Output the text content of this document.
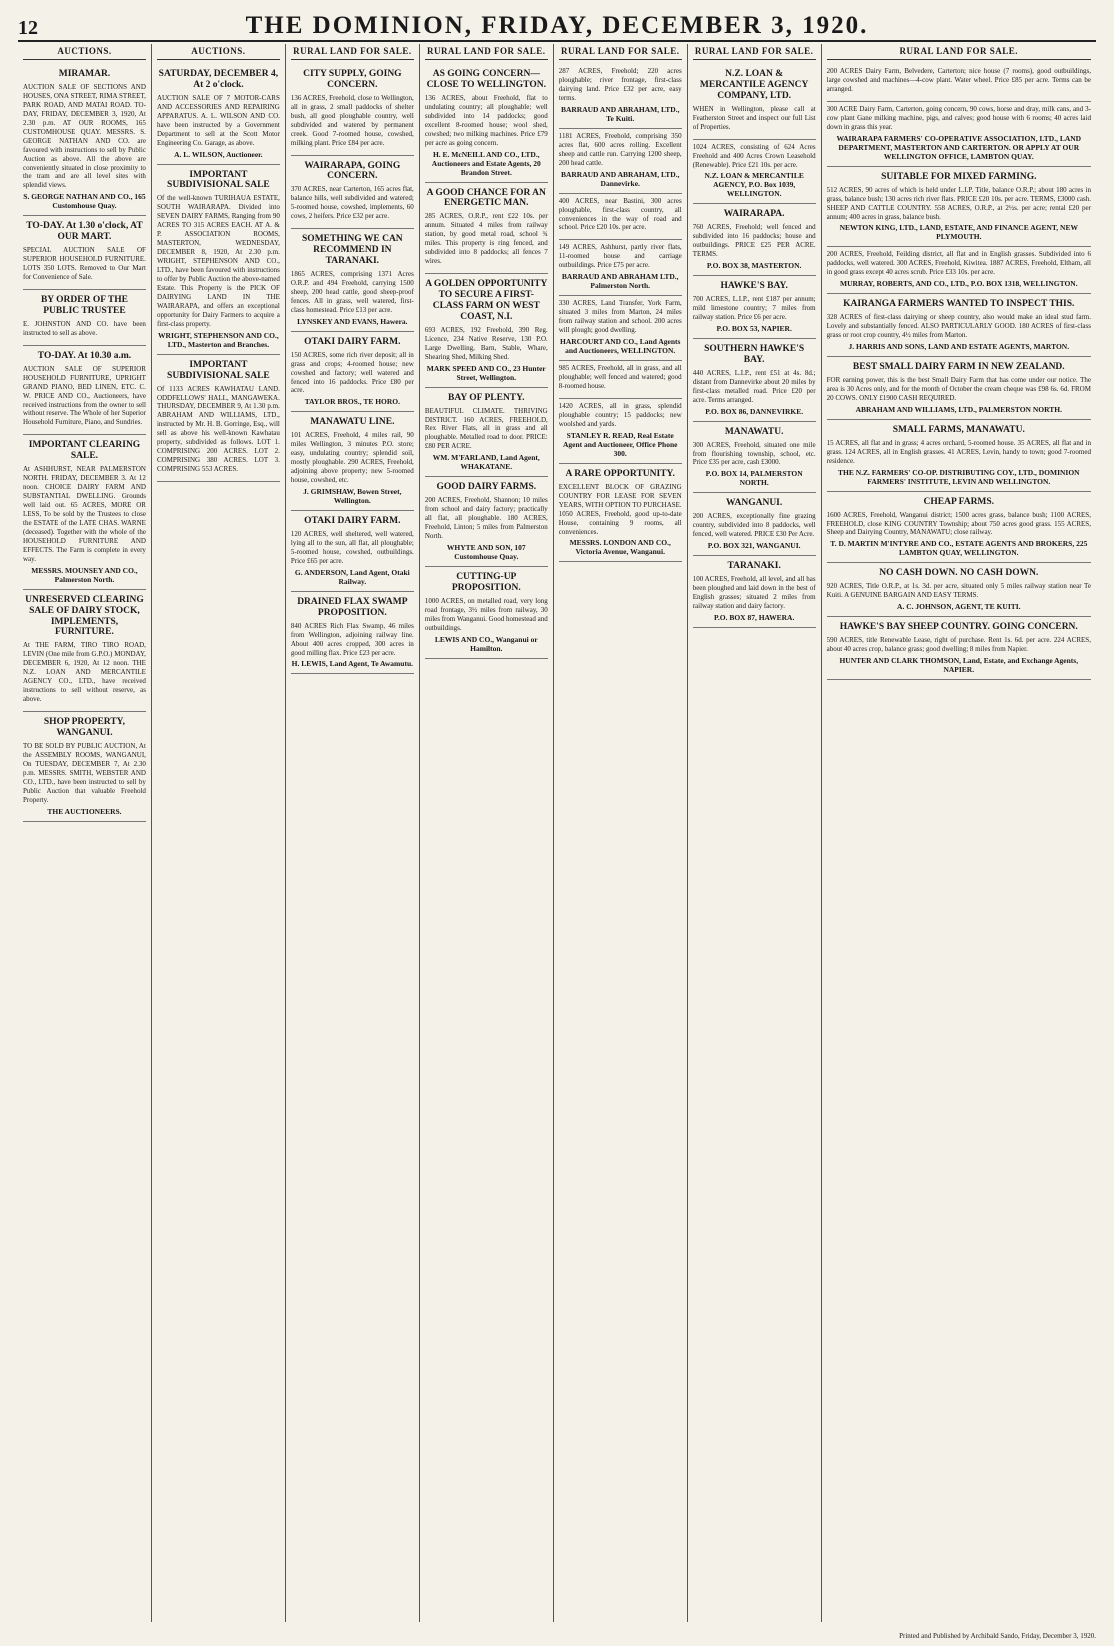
12	THE DOMINION, FRIDAY, DECEMBER 3, 1920.
AUCTIONS.
MIRAMAR.

AUCTION SALE OF SECTIONS AND HOUSES, ONA STREET, RIMA STREET, PARK ROAD, AND MATAI ROAD. TO-DAY, FRIDAY, DECEMBER 3, 1920, At 2.30 p.m. AT OUR ROOMS, 165 CUSTOMHOUSE QUAY. MESSRS. S. GEORGE NATHAN AND CO. are favoured with instructions to sell by Public Auction as above. All the above are conveniently situated in close proximity to the tram and are all level sites with splendid views.

S. GEORGE NATHAN AND CO., 165 Customhouse Quay.
TO-DAY. At 1.30 o'clock, AT OUR MART.

SPECIAL AUCTION SALE OF SUPERIOR HOUSEHOLD FURNITURE. LOTS 350 LOTS. Removed to Our Mart for Convenience of Sale.

BY ORDER OF THE PUBLIC TRUSTEE

E. JOHNSTON AND CO. have been instructed to sell as above.

TO-DAY. At 10.30 a.m.

AUCTION SALE OF SUPERIOR HOUSEHOLD FURNITURE, UPRIGHT GRAND PIANO, BED LINEN, ETC. C. W. PRICE AND CO., Auctioneers, have received instructions from the owner to sell without reserve. The Whole of her Superior Household Furniture, Piano, and Sundries.

IMPORTANT CLEARING SALE.

At ASHHURST, NEAR PALMERSTON NORTH. FRIDAY, DECEMBER 3. At 12 noon. CHOICE DAIRY FARM AND SUBSTANTIAL DWELLING. Grounds well laid out. 65 ACRES, MORE OR LESS, To be sold by the Trustees to close the ESTATE of the LATE CHAS. WARNE (deceased). Together with the whole of the HOUSEHOLD FURNITURE AND EFFECTS. The Farm is complete in every way.

MESSRS. MOUNSEY AND CO., Palmerston North.
UNRESERVED CLEARING SALE OF DAIRY STOCK, IMPLEMENTS, FURNITURE.

At THE FARM, TIRO TIRO ROAD, LEVIN (One mile from G.P.O.) MONDAY, DECEMBER 6, 1920, At 12 noon. THE N.Z. LOAN AND MERCANTILE AGENCY CO., LTD., have received instructions to sell without reserve, as above.

SHOP PROPERTY, WANGANUI.

TO BE SOLD BY PUBLIC AUCTION, At the ASSEMBLY ROOMS, WANGANUI, On TUESDAY, DECEMBER 7, At 2.30 p.m. MESSRS. SMITH, WEBSTER AND CO., LTD., have been instructed to sell by Public Auction that valuable Freehold Property.

THE AUCTIONEERS.
AUCTIONS.
SATURDAY, DECEMBER 4, At 2 o'clock.

AUCTION SALE OF 7 MOTOR-CARS AND ACCESSORIES AND REPAIRING APPARATUS. A. L. WILSON AND CO. have been instructed by a Government Department to sell at the Scott Motor Engineering Co. Garage, as above.

A. L. WILSON, Auctioneer.
IMPORTANT SUBDIVISIONAL SALE

Of the well-known TURIHAUA ESTATE, SOUTH WAIRARAPA. Divided into SEVEN DAIRY FARMS, Ranging from 90 ACRES TO 315 ACRES EACH. AT A. & P. ASSOCIATION ROOMS, MASTERTON, WEDNESDAY, DECEMBER 8, 1920, At 2.30 p.m. WRIGHT, STEPHENSON AND CO., LTD., have been favoured with instructions to offer by Public Auction the above-named Estate. This Property is the PICK OF DAIRYING LAND IN THE WAIRARAPA, and offers an exceptional opportunity for Dairy Farmers to acquire a first-class property.

WRIGHT, STEPHENSON AND CO., LTD., Masterton and Branches.
IMPORTANT SUBDIVISIONAL SALE

Of 1133 ACRES KAWHATAU LAND. ODDFELLOWS' HALL, MANGAWEKA. THURSDAY, DECEMBER 9, At 1.30 p.m. ABRAHAM AND WILLIAMS, LTD., instructed by Mr. H. B. Gorringe, Esq., will sell as above his well-known Kawhatau property, subdivided as follows. LOT 1. COMPRISING 200 ACRES. LOT 2. COMPRISING 380 ACRES. LOT 3. COMPRISING 553 ACRES.

RURAL LAND FOR SALE.
CITY SUPPLY, GOING CONCERN.

136 ACRES, Freehold, close to Wellington, all in grass, 2 small paddocks of shelter bush, all good ploughable country, well subdivided and watered by permanent creek. Good 7-roomed house, cowshed, milking plant. Price £84 per acre.

WAIRARAPA, GOING CONCERN.

370 ACRES, near Carterton, 165 acres flat, balance hills, well subdivided and watered; 5-roomed house, cowshed, implements, 60 cows, 2 heifers. Price £32 per acre.

SOMETHING WE CAN RECOMMEND IN TARANAKI.

1865 ACRES, comprising 1371 Acres O.R.P. and 494 Freehold, carrying 1500 sheep, 200 head cattle, good sheep-proof fences. All in grass, well watered, first-class homestead. Price £13 per acre.

LYNSKEY AND EVANS, Hawera.
OTAKI DAIRY FARM.

150 ACRES, some rich river deposit; all in grass and crops; 4-roomed house; new cowshed and factory; well watered and fenced into 16 paddocks. Price £80 per acre.

TAYLOR BROS., TE HORO.
MANAWATU LINE.

101 ACRES, Freehold, 4 miles rail, 90 miles Wellington, 3 minutes P.O. store; easy, undulating country; splendid soil, mostly ploughable. 290 ACRES, Freehold, adjoining above property; new 5-roomed house, cowshed, etc.

J. GRIMSHAW, Bowen Street, Wellington.
OTAKI DAIRY FARM.

120 ACRES, well sheltered, well watered, lying all to the sun, all flat, all ploughable; 5-roomed house, cowshed, outbuildings. Price £65 per acre.

G. ANDERSON, Land Agent, Otaki Railway.
DRAINED FLAX SWAMP PROPOSITION.

840 ACRES Rich Flax Swamp, 46 miles from Wellington, adjoining railway line. About 400 acres cropped, 300 acres in good milling flax. Price £23 per acre.

H. LEWIS, Land Agent, Te Awamutu.
RURAL LAND FOR SALE.
AS GOING CONCERN—CLOSE TO WELLINGTON.

136 ACRES, about Freehold, flat to undulating country; all ploughable; well subdivided into 14 paddocks; good excellent 8-roomed house; wool shed, cowshed; two milking machines. Price £79 per acre as going concern.

H. E. McNEILL AND CO., LTD., Auctioneers and Estate Agents, 20 Brandon Street.
A GOOD CHANCE FOR AN ENERGETIC MAN.

285 ACRES, O.R.P., rent £22 10s. per annum. Situated 4 miles from railway station, by good metal road, school ¾ miles. This property is ring fenced, and subdivided into 8 paddocks; all fences 7 wires.

A GOLDEN OPPORTUNITY TO SECURE A FIRST-CLASS FARM ON WEST COAST, N.I.

693 ACRES, 192 Freehold, 390 Reg. Licence, 234 Native Reserve, 130 P.O. Large Dwelling, Barn, Stable, Whare, Shearing Shed, Milking Shed.

MARK SPEED AND CO., 23 Hunter Street, Wellington.
BAY OF PLENTY.

BEAUTIFUL CLIMATE. THRIVING DISTRICT. 160 ACRES, FREEHOLD, Rex River Flats, all in grass and all ploughable. Metalled road to door. PRICE: £80 PER ACRE.

WM. M'FARLAND, Land Agent, WHAKATANE.
GOOD DAIRY FARMS.

200 ACRES, Freehold, Shannon; 10 miles from school and dairy factory; practically all flat, all ploughable. 180 ACRES, Freehold, Linton; 5 miles from Palmerston North.

WHYTE AND SON, 107 Customhouse Quay.
CUTTING-UP PROPOSITION.

1000 ACRES, on metalled road, very long road frontage, 3½ miles from railway, 30 miles from Wanganui. Good homestead and outbuildings.

LEWIS AND CO., Wanganui or Hamilton.
RURAL LAND FOR SALE.

287 ACRES, Freehold; 220 acres ploughable; river frontage, first-class dairying land. Price £32 per acre, easy terms.

BARRAUD AND ABRAHAM, LTD., Te Kuiti.

1181 ACRES, Freehold, comprising 350 acres flat, 600 acres rolling. Excellent sheep and cattle run. Carrying 1200 sheep, 200 head cattle.

BARRAUD AND ABRAHAM, LTD., Dannevirke.

400 ACRES, near Bastini, 300 acres ploughable, first-class country, all conveniences in the way of road and school. Price £20 10s. per acre.

149 ACRES, Ashhurst, partly river flats, 11-roomed house and carriage outbuildings. Price £75 per acre.

BARRAUD AND ABRAHAM LTD., Palmerston North.

330 ACRES, Land Transfer, York Farm, situated 3 miles from Marton, 24 miles from railway station and school. 200 acres will plough; good dwelling.

HARCOURT AND CO., Land Agents and Auctioneers, WELLINGTON.

985 ACRES, Freehold, all in grass, and all ploughable; well fenced and watered; good 8-roomed house.

1420 ACRES, all in grass, splendid ploughable country; 15 paddocks; new woolshed and yards.

STANLEY R. READ, Real Estate Agent and Auctioneer, Office Phone 300.
A RARE OPPORTUNITY.

EXCELLENT BLOCK OF GRAZING COUNTRY FOR LEASE FOR SEVEN YEARS, WITH OPTION TO PURCHASE. 1050 ACRES, Freehold, good up-to-date House, containing 9 rooms, all conveniences.

MESSRS. LONDON AND CO., Victoria Avenue, Wanganui.
RURAL LAND FOR SALE.
N.Z. LOAN & MERCANTILE AGENCY COMPANY, LTD.

WHEN in Wellington, please call at Featherston Street and inspect our full List of Properties.

1024 ACRES, consisting of 624 Acres Freehold and 400 Acres Crown Leasehold (Renewable). Price £21 10s. per acre.

N.Z. LOAN & MERCANTILE AGENCY, P.O. Box 1039, WELLINGTON.
WAIRARAPA.

760 ACRES, Freehold; well fenced and subdivided into 16 paddocks; house and outbuildings. PRICE £25 PER ACRE. TERMS.

P.O. BOX 38, MASTERTON.
HAWKE'S BAY.

700 ACRES, L.I.P., rent £187 per annum; mild limestone country; 7 miles from railway station. Price £6 per acre.

P.O. BOX 53, NAPIER.
SOUTHERN HAWKE'S BAY.

440 ACRES, L.I.P., rent £51 at 4s. 8d.; distant from Dannevirke about 20 miles by first-class metalled road. Price £20 per acre. Terms arranged.

P.O. BOX 86, DANNEVIRKE.
MANAWATU.

300 ACRES, Freehold, situated one mile from flourishing township, school, etc. Price £35 per acre, cash £3000.

P.O. BOX 14, PALMERSTON NORTH.
WANGANUI.

200 ACRES, exceptionally fine grazing country, subdivided into 8 paddocks, well fenced, well watered. PRICE £30 Per Acre.

P.O. BOX 321, WANGANUI.
TARANAKI.

100 ACRES, Freehold, all level, and all has been ploughed and laid down in the best of English grasses; situated 2 miles from railway station and dairy factory.

P.O. BOX 87, HAWERA.
RURAL LAND FOR SALE.

200 ACRES Dairy Farm, Belvedere, Carterton; nice house (7 rooms), good outbuildings, large cowshed and machines—4-cow plant. Water wheel. Price £85 per acre. Terms can be arranged.

300 ACRE Dairy Farm, Carterton, going concern, 90 cows, horse and dray, milk cans, and 3-cow plant Gane milking machine, pigs, and calves; good house with 6 rooms; 40 acres laid down in grass this year.

WAIRARAPA FARMERS' CO-OPERATIVE ASSOCIATION, LTD., LAND DEPARTMENT, MASTERTON AND CARTERTON. OR APPLY AT OUR WELLINGTON OFFICE, LAMBTON QUAY.
SUITABLE FOR MIXED FARMING.

512 ACRES, 90 acres of which is held under L.I.P. Title, balance O.R.P.; about 180 acres in grass, balance bush; 130 acres rich river flats. PRICE £20 10s. per acre. TERMS, £3000 cash. SHEEP AND CATTLE COUNTRY. 558 ACRES, O.R.P., at 2½s. per acre; rental £20 per annum; 400 acres in grass, balance bush.

NEWTON KING, LTD., LAND, ESTATE, AND FINANCE AGENT, NEW PLYMOUTH.

200 ACRES, Freehold, Feilding district, all flat and in English grasses. Subdivided into 6 paddocks, well watered. 300 ACRES, Freehold, Kiwitea. 1887 ACRES, Freehold, Eltham, all in good grass except 40 acres scrub. Price £33 10s. per acre.

MURRAY, ROBERTS, AND CO., LTD., P.O. BOX 1318, WELLINGTON.
KAIRANGA FARMERS WANTED TO INSPECT THIS.

328 ACRES of first-class dairying or sheep country, also would make an ideal stud farm. Lovely and substantially fenced. ALSO PARTICULARLY GOOD. 180 ACRES of first-class grass or root crop country, 4½ miles from Marton.

J. HARRIS AND SONS, LAND AND ESTATE AGENTS, MARTON.
BEST SMALL DAIRY FARM IN NEW ZEALAND.

FOR earning power, this is the best Small Dairy Farm that has come under our notice. The area is 30 Acres only, and for the month of October the cream cheque was £98 6s. 6d. FROM 20 COWS. ONLY £1900 CASH REQUIRED.

ABRAHAM AND WILLIAMS, LTD., PALMERSTON NORTH.
SMALL FARMS, MANAWATU.

15 ACRES, all flat and in grass; 4 acres orchard, 5-roomed house. 35 ACRES, all flat and in grass. 124 ACRES, all in English grasses. 41 ACRES, Levin, handy to town; good 7-roomed residence.

THE N.Z. FARMERS' CO-OP. DISTRIBUTING COY., LTD., DOMINION FARMERS' INSTITUTE, LEVIN AND WELLINGTON.
CHEAP FARMS.

1600 ACRES, Freehold, Wanganui district; 1500 acres grass, balance bush; 1100 ACRES, FREEHOLD, close KING COUNTRY Township; about 750 acres good grass. 155 ACRES, Sheep and Dairying Country, MANAWATU; close railway.

T. D. MARTIN M'INTYRE AND CO., ESTATE AGENTS AND BROKERS, 225 LAMBTON QUAY, WELLINGTON.
NO CASH DOWN. NO CASH DOWN.

920 ACRES, Title O.R.P., at 1s. 3d. per acre, situated only 5 miles railway station near Te Kuiti. A GENUINE BARGAIN AND EASY TERMS.

A. C. JOHNSON, AGENT, TE KUITI.
HAWKE'S BAY SHEEP COUNTRY. GOING CONCERN.

590 ACRES, title Renewable Lease, right of purchase. Rent 1s. 6d. per acre. 224 ACRES, about 40 acres crop, balance grass; good dwelling; 8 miles from Napier.

HUNTER AND CLARK THOMSON, Land, Estate, and Exchange Agents, NAPIER.
Printed and Published by Archibald Sando, Friday, December 3, 1920.
